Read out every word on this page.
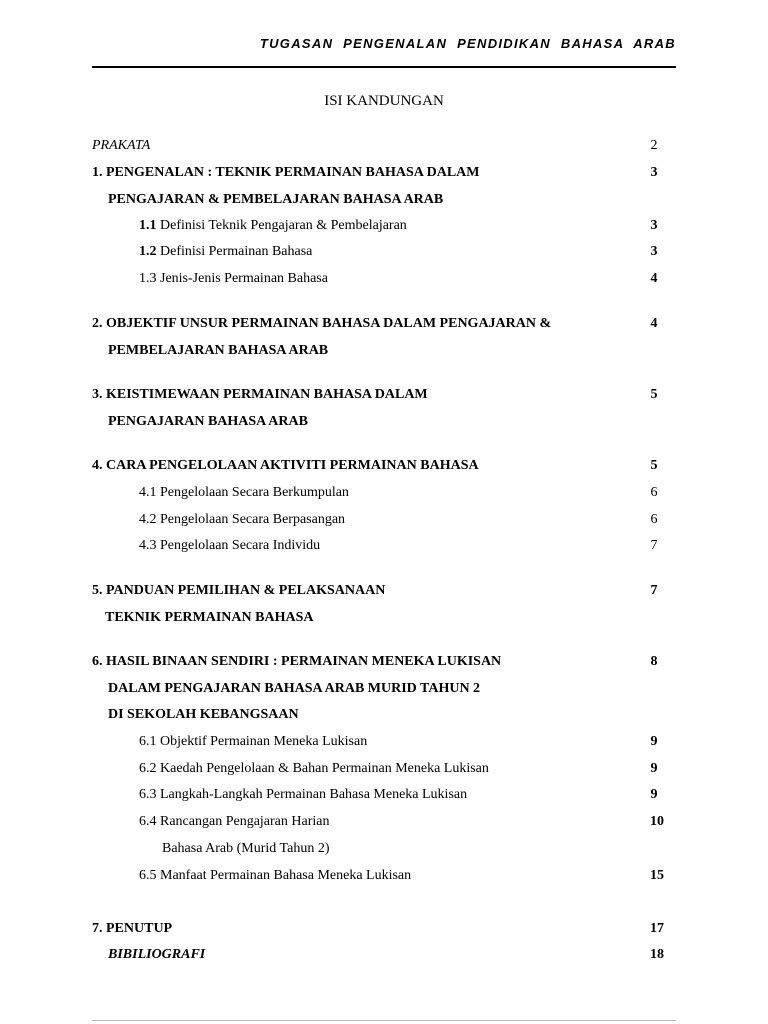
TUGASAN PENGENALAN PENDIDIKAN BAHASA ARAB
ISI KANDUNGAN
PRAKATA	2
1. PENGENALAN : TEKNIK PERMAINAN BAHASA DALAM	3
PENGAJARAN & PEMBELAJARAN BAHASA ARAB
1.1 Definisi Teknik Pengajaran & Pembelajaran	3
1.2 Definisi Permainan Bahasa	3
1.3 Jenis-Jenis Permainan Bahasa	4
2. OBJEKTIF UNSUR PERMAINAN BAHASA DALAM PENGAJARAN &	4
PEMBELAJARAN BAHASA ARAB
3. KEISTIMEWAAN PERMAINAN BAHASA DALAM	5
PENGAJARAN BAHASA ARAB
4. CARA PENGELOLAAN AKTIVITI PERMAINAN BAHASA	5
4.1 Pengelolaan Secara Berkumpulan	6
4.2 Pengelolaan Secara Berpasangan	6
4.3 Pengelolaan Secara Individu	7
5. PANDUAN PEMILIHAN & PELAKSANAAN	7
TEKNIK PERMAINAN BAHASA
6. HASIL BINAAN SENDIRI : PERMAINAN MENEKA LUKISAN	8
DALAM PENGAJARAN BAHASA ARAB MURID TAHUN 2
DI SEKOLAH KEBANGSAAN
6.1 Objektif Permainan Meneka Lukisan	9
6.2 Kaedah Pengelolaan & Bahan Permainan Meneka Lukisan	9
6.3 Langkah-Langkah Permainan Bahasa Meneka Lukisan	9
6.4 Rancangan Pengajaran Harian	10
Bahasa Arab (Murid Tahun 2)
6.5 Manfaat Permainan Bahasa Meneka Lukisan	15
7. PENUTUP	17
BIBILIOGRAFI	18
